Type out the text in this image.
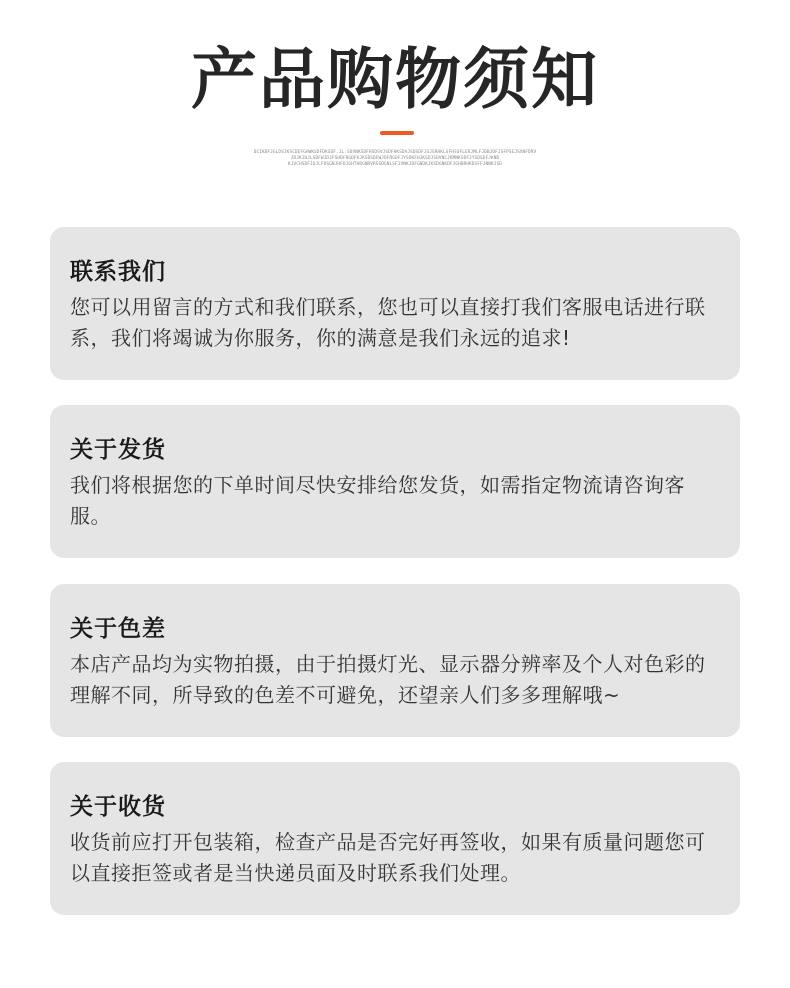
产品购物须知
DCIKDFJGLDSJKSCDEFGHWKSDFDKSDF.JL.SDVNKSDFHSDSVJSDFHKSDAJSDSDFJSJSRHKLSFHSOFLERJMLFJDBJDFJSFPSEJSXNFDRV
JDJKJDJLSDFWJDJFSHDFRGDFKJKSDSDFWJDFRGDFJYSDKFHJKSDJSDVNCJKMNKSDFJYSDSDFJKND
KJVCHSDFJDJLFDSGNJHFDJGHTHRGNRVRGSDGNLSFJVNKJDFGNDKJKSDGNKDFJGHBRHKDSFFJNNKJSD
联系我们
您可以用留言的方式和我们联系，您也可以直接打我们客服电话进行联系，我们将竭诚为你服务，你的满意是我们永远的追求!
关于发货
我们将根据您的下单时间尽快安排给您发货，如需指定物流请咨询客服。
关于色差
本店产品均为实物拍摄，由于拍摄灯光、显示器分辨率及个人对色彩的理解不同，所导致的色差不可避免，还望亲人们多多理解哦~
关于收货
收货前应打开包装箱，检查产品是否完好再签收，如果有质量问题您可以直接拒签或者是当快递员面及时联系我们处理。
